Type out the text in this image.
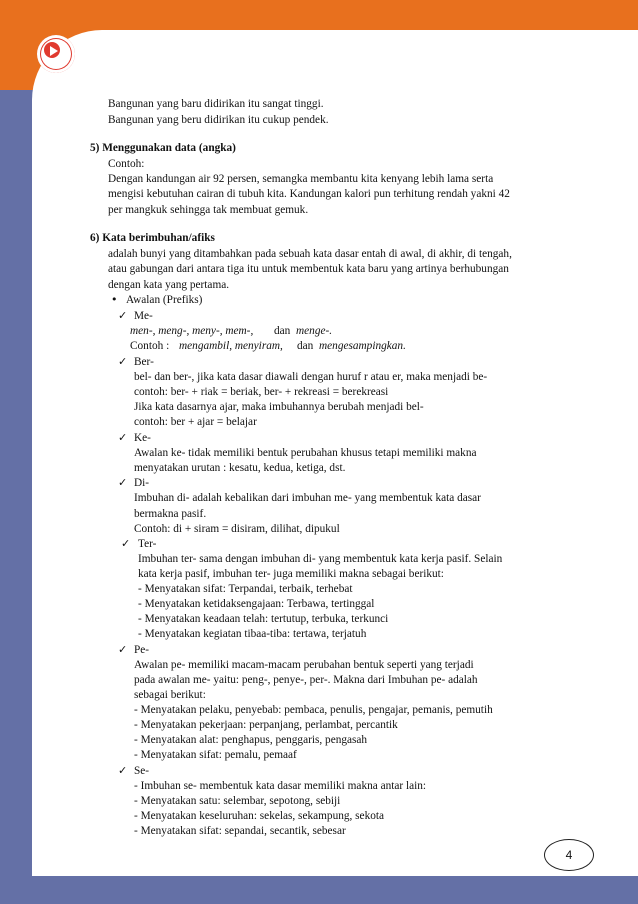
4
Bangunan yang baru didirikan itu sangat tinggi.
Bangunan yang beru didirikan itu cukup pendek.
5) Menggunakan data (angka)
Contoh:
Dengan kandungan air 92 persen, semangka membantu kita kenyang lebih lama serta
mengisi kebutuhan cairan di tubuh kita. Kandungan kalori pun terhitung rendah yakni 42
per mangkuk sehingga tak membuat gemuk.
6) Kata berimbuhan/afiks
adalah bunyi yang ditambahkan pada sebuah kata dasar entah di awal, di akhir, di tengah,
atau gabungan dari antara tiga itu untuk membentuk kata baru yang artinya berhubungan
dengan kata yang pertama.
• Awalan (Prefiks)
✓ Me-
men-, meng-, meny-, mem-, dan menge-.
Contoh : mengambil, menyiram, dan mengesampingkan.
✓ Ber-
bel- dan ber-, jika kata dasar diawali dengan huruf r atau er, maka menjadi be-
contoh: ber- + riak = beriak, ber- + rekreasi = berekreasi
Jika kata dasarnya ajar, maka imbuhannya berubah menjadi bel-
contoh: ber + ajar = belajar
✓ Ke-
Awalan ke- tidak memiliki bentuk perubahan khusus tetapi memiliki makna
menyatakan urutan : kesatu, kedua, ketiga, dst.
✓ Di-
Imbuhan di- adalah kebalikan dari imbuhan me- yang membentuk kata dasar
bermakna pasif.
Contoh: di + siram = disiram, dilihat, dipukul
✓ Ter-
Imbuhan ter- sama dengan imbuhan di- yang membentuk kata kerja pasif. Selain
kata kerja pasif, imbuhan ter- juga memiliki makna sebagai berikut:
- Menyatakan sifat: Terpandai, terbaik, terhebat
- Menyatakan ketidaksengajaan: Terbawa, tertinggal
- Menyatakan keadaan telah: tertutup, terbuka, terkunci
- Menyatakan kegiatan tibaa-tiba: tertawa, terjatuh
✓ Pe-
Awalan pe- memiliki macam-macam perubahan bentuk seperti yang terjadi
pada awalan me- yaitu: peng-, penye-, per-. Makna dari Imbuhan pe- adalah
sebagai berikut:
- Menyatakan pelaku, penyebab: pembaca, penulis, pengajar, pemanis, pemutih
- Menyatakan pekerjaan: perpanjang, perlambat, percantik
- Menyatakan alat: penghapus, penggaris, pengasah
- Menyatakan sifat: pemalu, pemaaf
✓ Se-
- Imbuhan se- membentuk kata dasar memiliki makna antar lain:
- Menyatakan satu: selembar, sepotong, sebiji
- Menyatakan keseluruhan: sekelas, sekampung, sekota
- Menyatakan sifat: sepandai, secantik, sebesar
